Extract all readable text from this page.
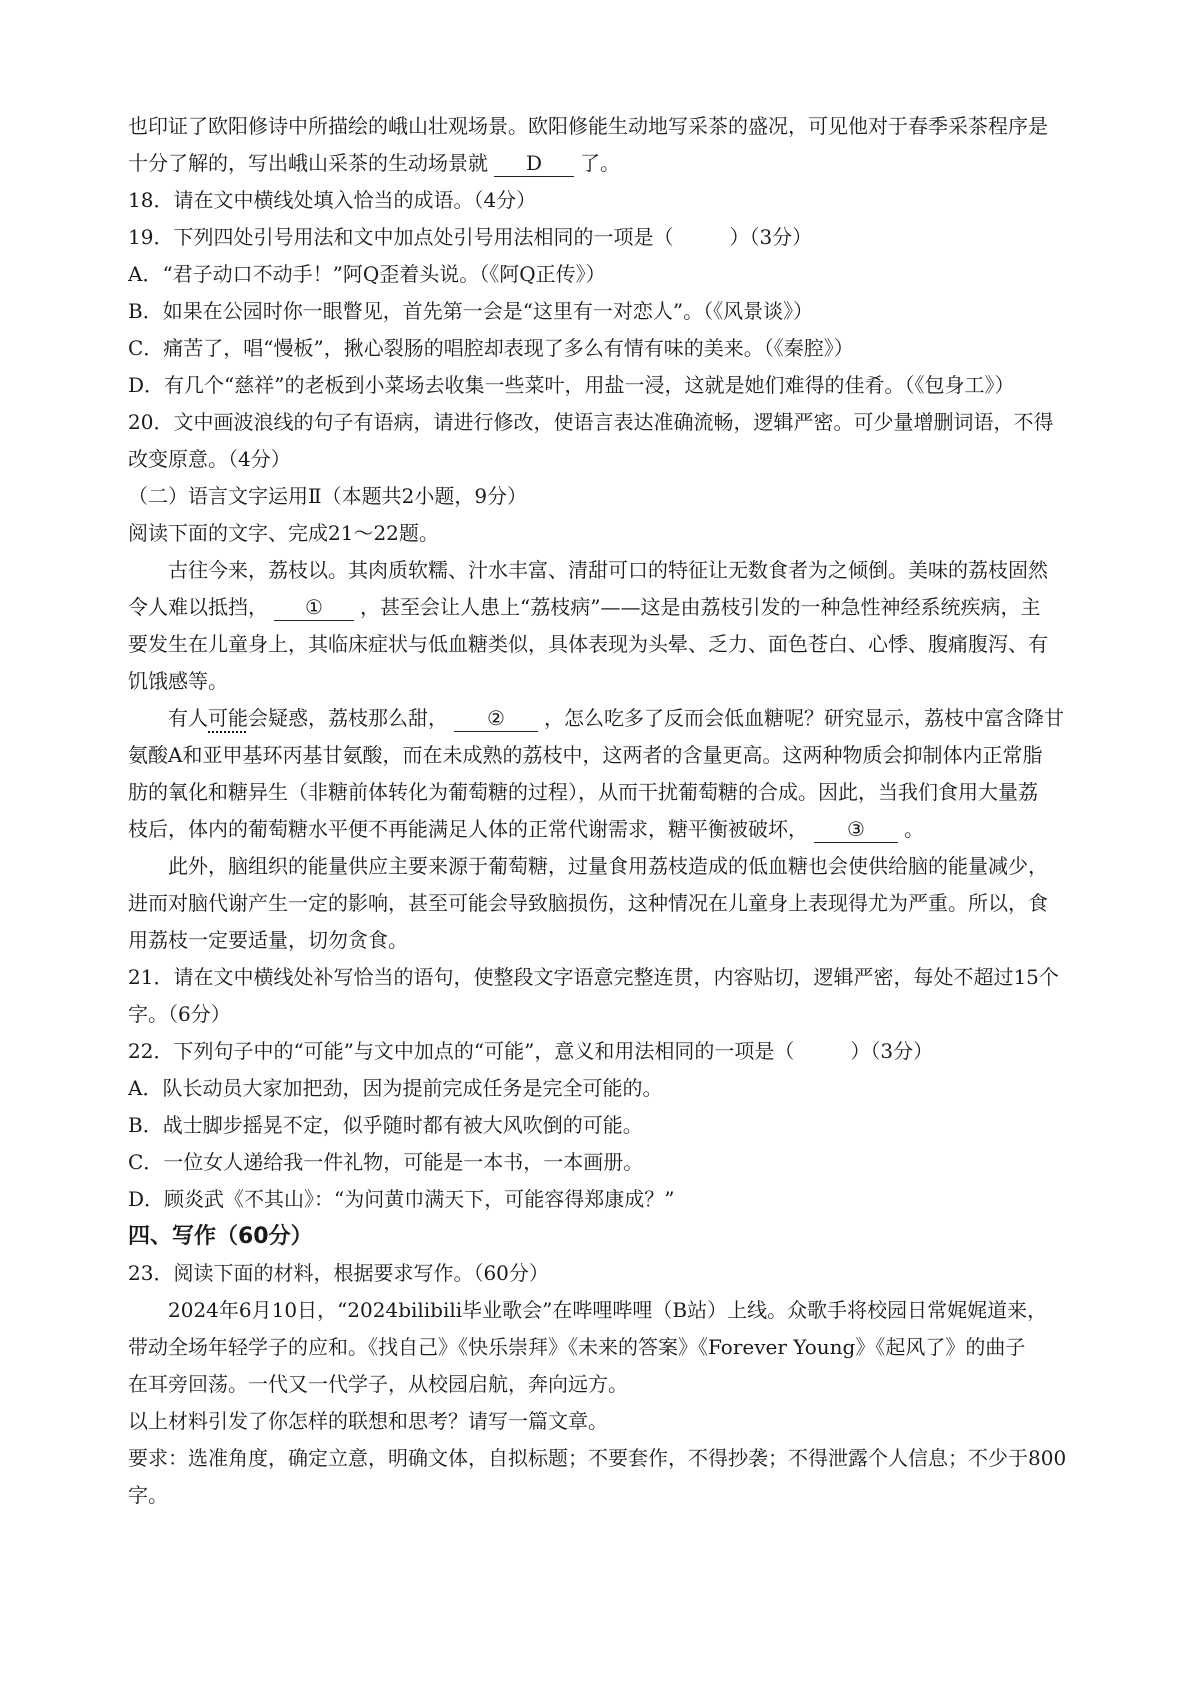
也印证了欧阳修诗中所描绘的峨山壮观场景。欧阳修能生动地写采茶的盛况，可见他对于春季采茶程序是
十分了解的，写出峨山采茶的生动场景就 D 了。
18．请在文中横线处填入恰当的成语。（4分）
19．下列四处引号用法和文中加点处引号用法相同的一项是（	）（3分）
A．“君子动口不动手！”阿Q歪着头说。（《阿Q正传》）
B．如果在公园时你一眼瞥见，首先第一会是“这里有一对恋人”。（《风景谈》）
C．痛苦了，唱“慢板”，揪心裂肠的唱腔却表现了多么有情有味的美来。（《秦腔》）
D．有几个“慈祥”的老板到小菜场去收集一些菜叶，用盐一浸，这就是她们难得的佳肴。（《包身工》）
20．文中画波浪线的句子有语病，请进行修改，使语言表达准确流畅，逻辑严密。可少量增删词语，不得
改变原意。（4分）
（二）语言文字运用Ⅱ（本题共2小题，9分）
阅读下面的文字、完成21～22题。
古往今来，荔枝以。其肉质软糯、汁水丰富、清甜可口的特征让无数食者为之倾倒。美味的荔枝固然
令人难以抵挡， ① ，甚至会让人患上“荔枝病”——这是由荔枝引发的一种急性神经系统疾病，主
要发生在儿童身上，其临床症状与低血糖类似，具体表现为头晕、乏力、面色苍白、心悸、腹痛腹泻、有
饥饿感等。
有人可能会疑惑，荔枝那么甜， ② ，怎么吃多了反而会低血糖呢？研究显示，荔枝中富含降甘
氨酸A和亚甲基环丙基甘氨酸，而在未成熟的荔枝中，这两者的含量更高。这两种物质会抑制体内正常脂
肪的氧化和糖异生（非糖前体转化为葡萄糖的过程），从而干扰葡萄糖的合成。因此，当我们食用大量荔
枝后，体内的葡萄糖水平便不再能满足人体的正常代谢需求，糖平衡被破坏， ③ 。
此外，脑组织的能量供应主要来源于葡萄糖，过量食用荔枝造成的低血糖也会使供给脑的能量减少，
进而对脑代谢产生一定的影响，甚至可能会导致脑损伤，这种情况在儿童身上表现得尤为严重。所以，食
用荔枝一定要适量，切勿贪食。
21．请在文中横线处补写恰当的语句，使整段文字语意完整连贯，内容贴切，逻辑严密，每处不超过15个
字。（6分）
22．下列句子中的“可能”与文中加点的“可能”，意义和用法相同的一项是（	）（3分）
A．队长动员大家加把劲，因为提前完成任务是完全可能的。
B．战士脚步摇晃不定，似乎随时都有被大风吹倒的可能。
C．一位女人递给我一件礼物，可能是一本书，一本画册。
D．顾炎武《不其山》：“为问黄巾满天下，可能容得郑康成？”
四、写作（60分）
23．阅读下面的材料，根据要求写作。（60分）
2024年6月10日，“2024bilibili毕业歌会”在哔哩哔哩（B站）上线。众歌手将校园日常娓娓道来，
带动全场年轻学子的应和。《找自己》《快乐崇拜》《未来的答案》《Forever Young》《起风了》的曲子
在耳旁回荡。一代又一代学子，从校园启航，奔向远方。
以上材料引发了你怎样的联想和思考？请写一篇文章。
要求：选准角度，确定立意，明确文体，自拟标题；不要套作，不得抄袭；不得泄露个人信息；不少于800
字。
